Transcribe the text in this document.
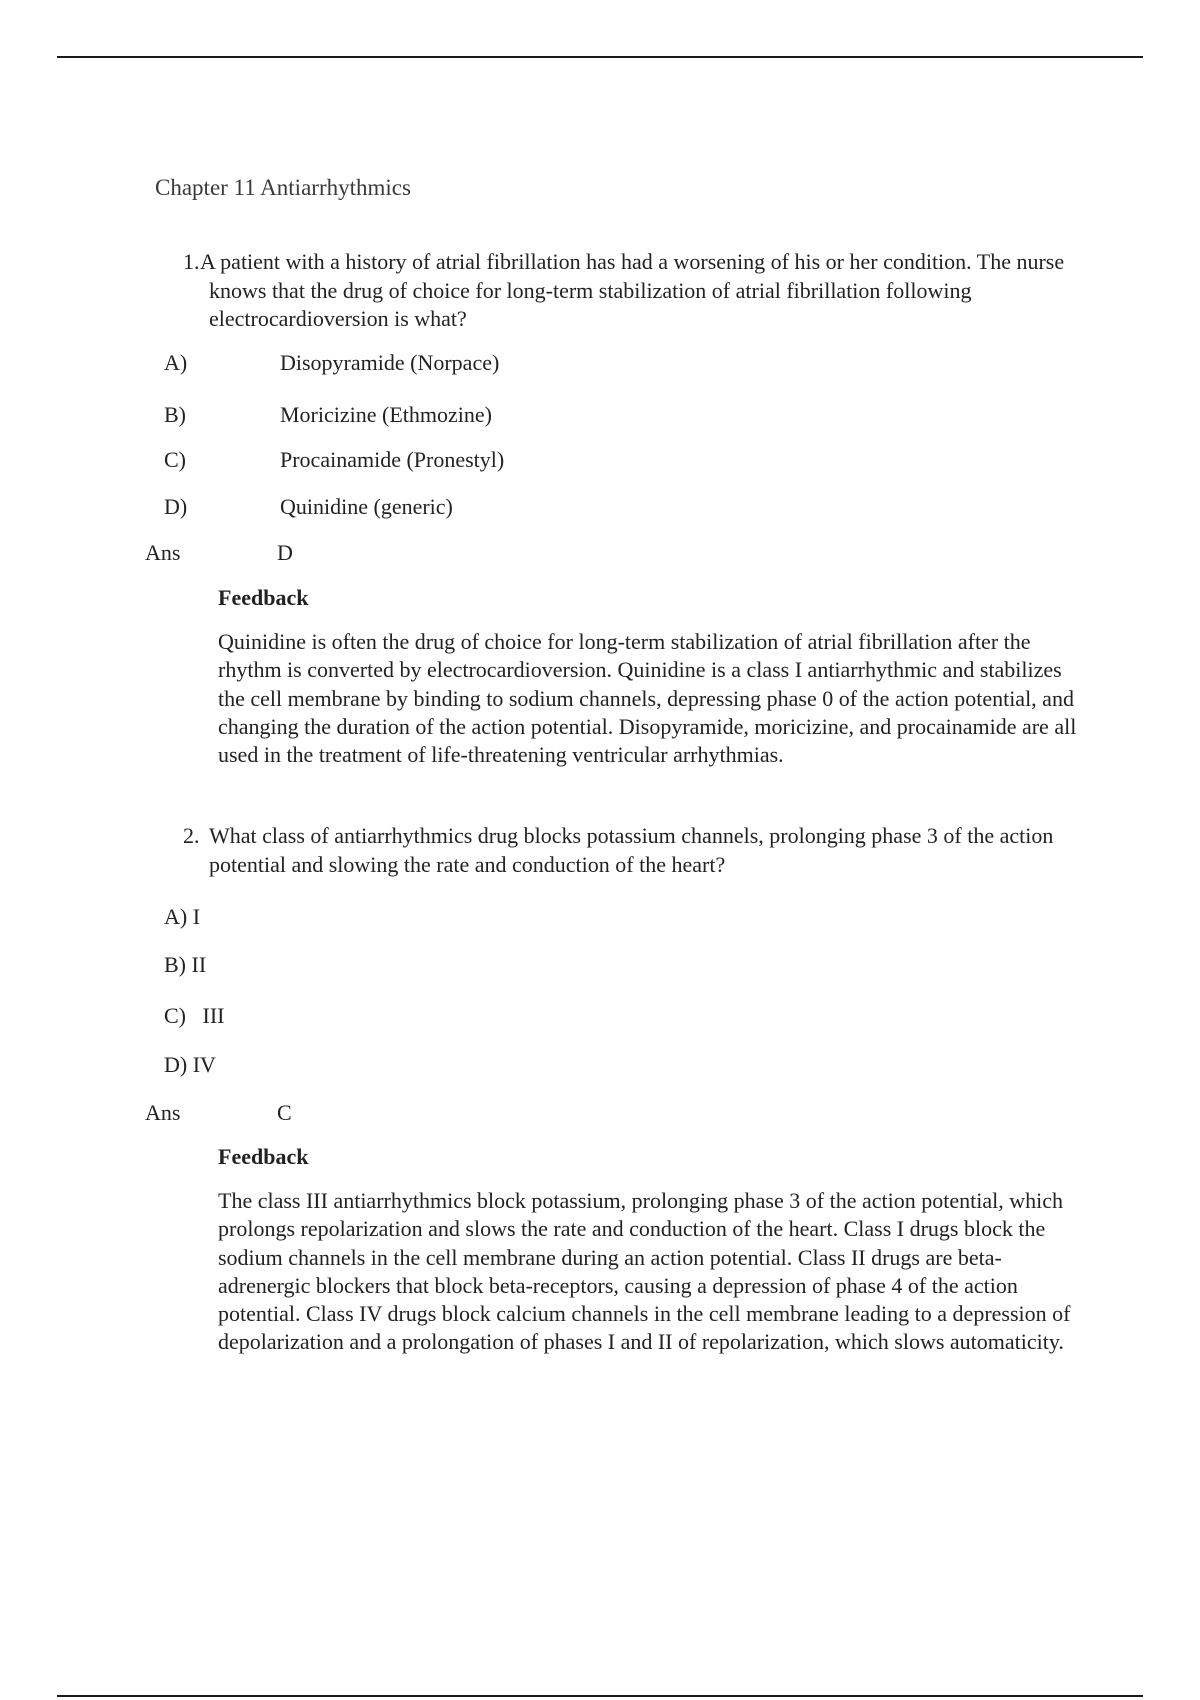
Chapter 11 Antiarrhythmics
1. A patient with a history of atrial fibrillation has had a worsening of his or her condition. The nurse knows that the drug of choice for long-term stabilization of atrial fibrillation following electrocardioversion is what?
A)	Disopyramide (Norpace)
B)	Moricizine (Ethmozine)
C)	Procainamide (Pronestyl)
D)	Quinidine (generic)
Ans	D
Feedback
Quinidine is often the drug of choice for long-term stabilization of atrial fibrillation after the rhythm is converted by electrocardioversion. Quinidine is a class I antiarrhythmic and stabilizes the cell membrane by binding to sodium channels, depressing phase 0 of the action potential, and changing the duration of the action potential. Disopyramide, moricizine, and procainamide are all used in the treatment of life-threatening ventricular arrhythmias.
2. What class of antiarrhythmics drug blocks potassium channels, prolonging phase 3 of the action potential and slowing the rate and conduction of the heart?
A) I
B) II
C)   III
D) IV
Ans	C
Feedback
The class III antiarrhythmics block potassium, prolonging phase 3 of the action potential, which prolongs repolarization and slows the rate and conduction of the heart. Class I drugs block the sodium channels in the cell membrane during an action potential. Class II drugs are beta-adrenergic blockers that block beta-receptors, causing a depression of phase 4 of the action potential. Class IV drugs block calcium channels in the cell membrane leading to a depression of depolarization and a prolongation of phases I and II of repolarization, which slows automaticity.
